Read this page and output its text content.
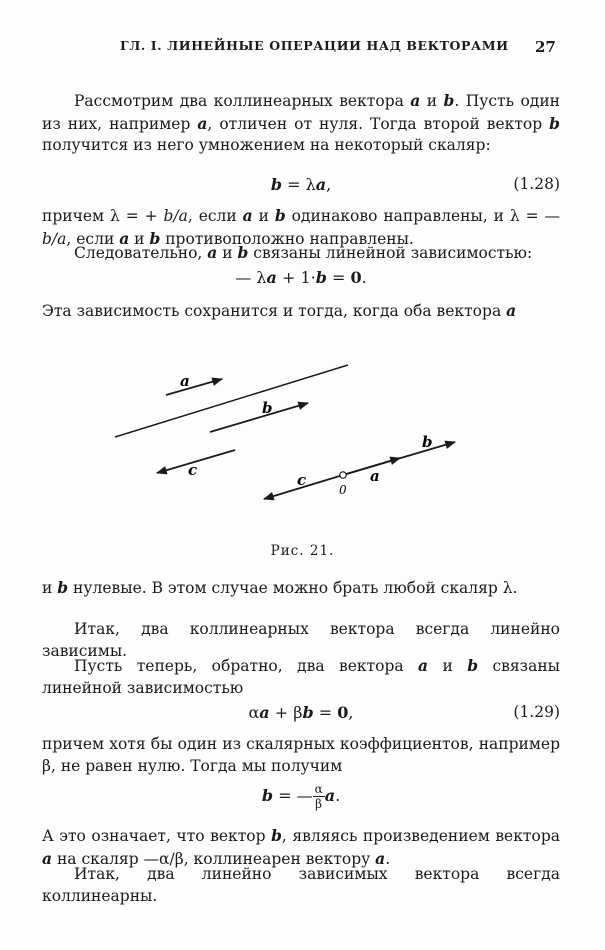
ГЛ. I. ЛИНЕЙНЫЕ ОПЕРАЦИИ НАД ВЕКТОРАМИ	27

Рассмотрим два коллинеарных вектора a и b. Пусть один из них, например a, отличен от нуля. Тогда второй вектор b получится из него умножением на некоторый скаляр:

b = λa,	(1.28)

причем λ = + b/a, если a и b одинаково направлены, и λ = — b/a, если a и b противоположно направлены.

Следовательно, a и b связаны линейной зависимостью:

— λa + 1·b = 0.

Эта зависимость сохранится и тогда, когда оба вектора a

a
b
c
b
c	a
0
Рис. 21.

и b нулевые. В этом случае можно брать любой скаляр λ.

Итак, два коллинеарных вектора всегда линейно зависимы.

Пусть теперь, обратно, два вектора a и b связаны линейной зависимостью

αa + βb = 0,	(1.29)

причем хотя бы один из скалярных коэффициентов, например β, не равен нулю. Тогда мы получим

b = — $\frac{\alpha}{\beta} a$.

А это означает, что вектор b, являясь произведением вектора a на скаляр —α/β, коллинеарен вектору a.

Итак, два линейно зависимых вектора всегда коллинеарны.
